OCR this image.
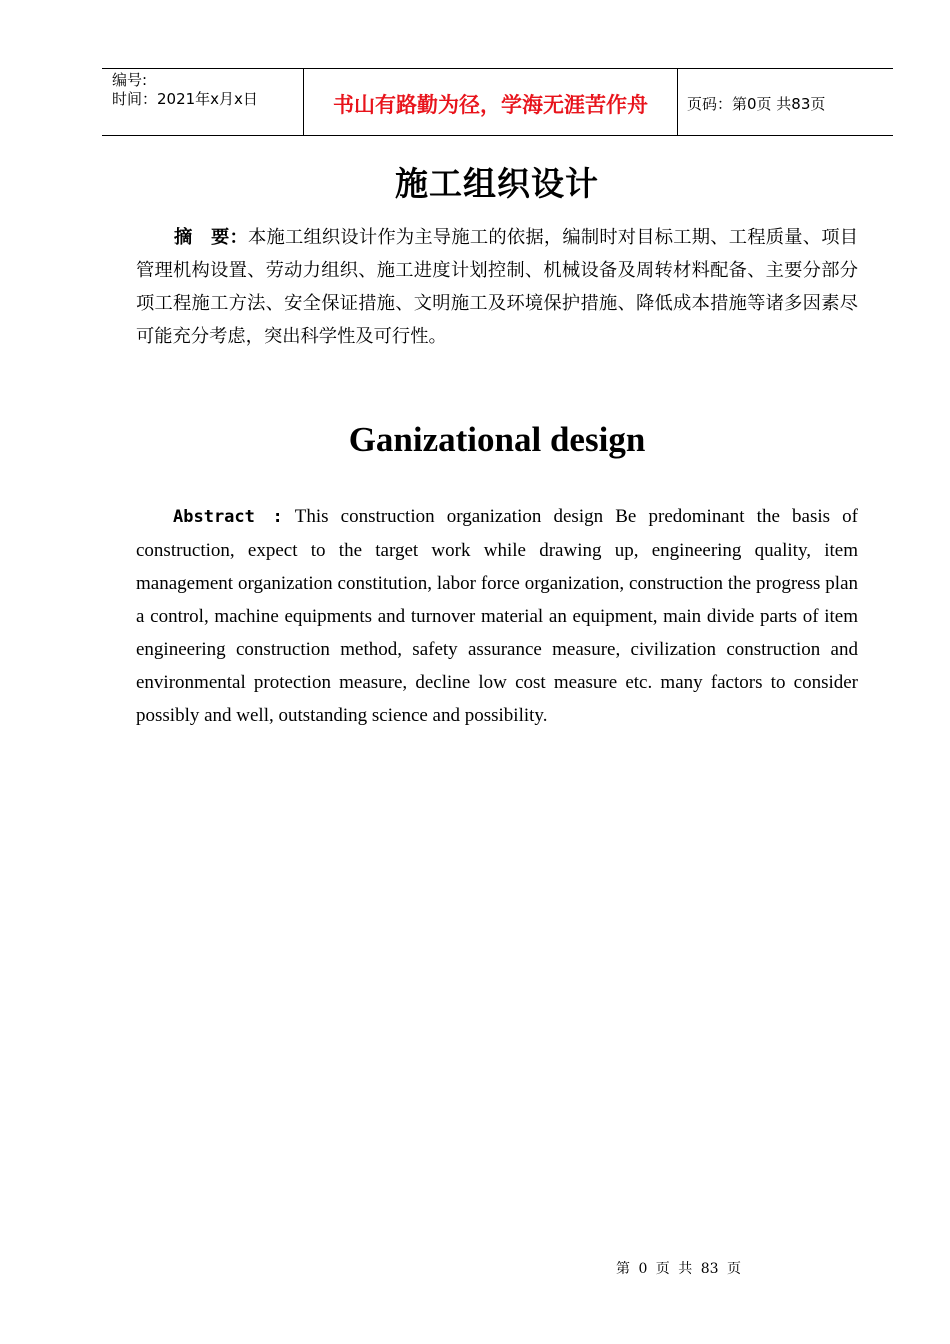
编号:
时间：2021年x月x日	书山有路勤为径，学海无涯苦作舟	页码：第0页 共83页
施工组织设计
摘　要：本施工组织设计作为主导施工的依据，编制时对目标工期、工程质量、项目管理机构设置、劳动力组织、施工进度计划控制、机械设备及周转材料配备、主要分部分项工程施工方法、安全保证措施、文明施工及环境保护措施、降低成本措施等诸多因素尽可能充分考虑，突出科学性及可行性。
Ganizational design
Abstract : This construction organization design Be predominant the basis of construction, expect to the target work while drawing up, engineering quality, item management organization constitution, labor force organization, construction the progress plan a control, machine equipments and turnover material an equipment, main divide parts of item engineering construction method, safety assurance measure, civilization construction and environmental protection measure, decline low cost measure etc. many factors to consider possibly and well, outstanding science and possibility.
第 0 页 共 83 页
